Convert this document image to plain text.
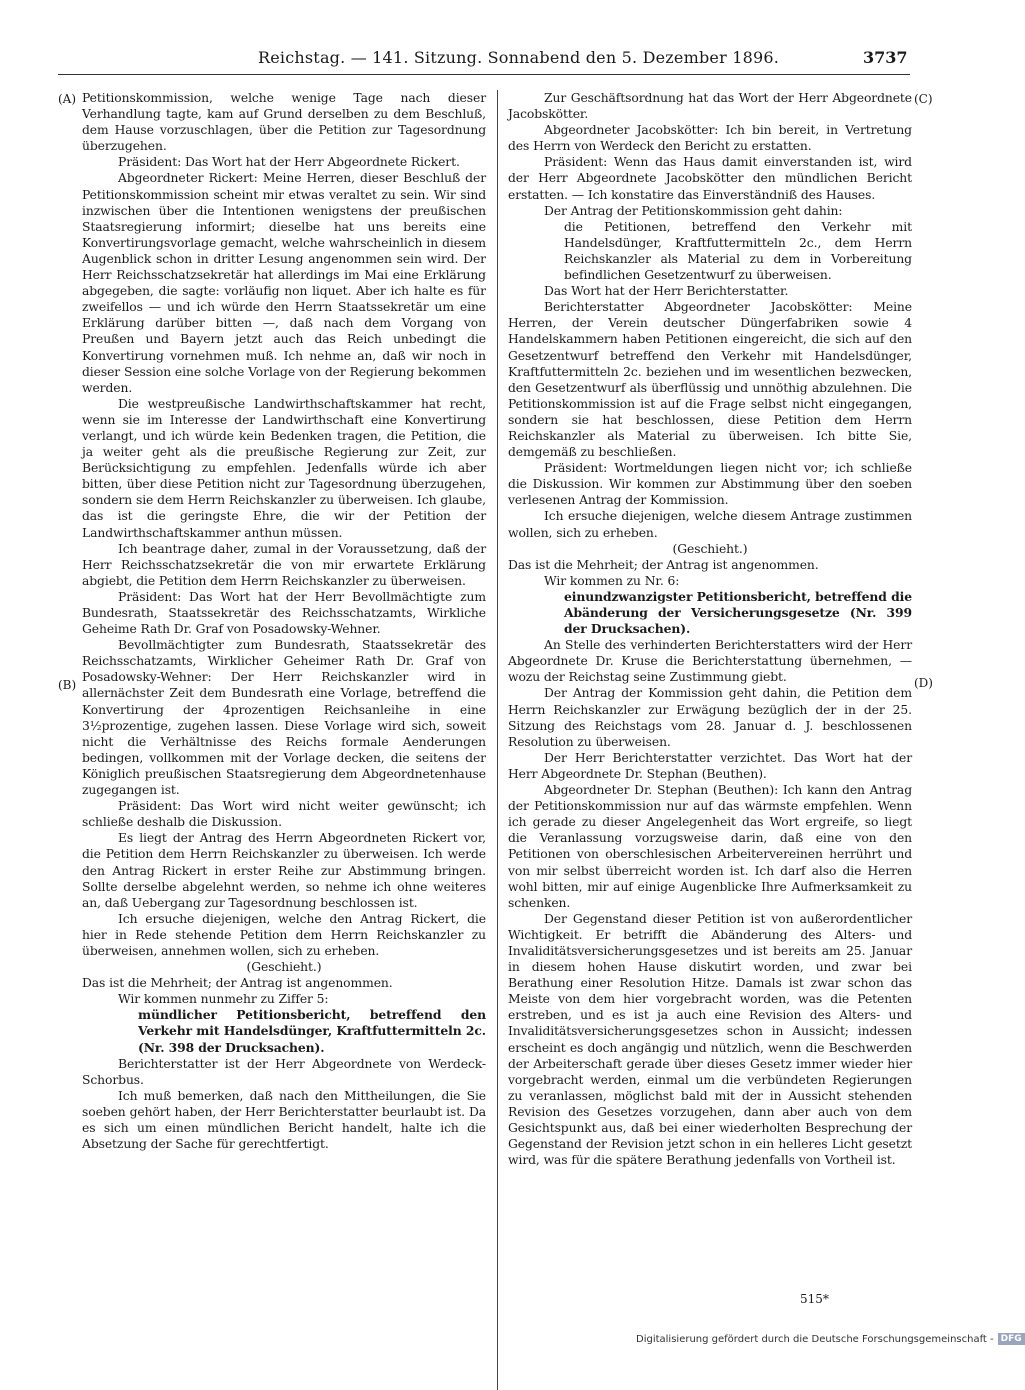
Reichstag. — 141. Sitzung. Sonnabend den 5. Dezember 1896.	3737
(A)
(B)
(C)
(D)

Petitionskommission, welche wenige Tage nach dieser Verhandlung tagte, kam auf Grund derselben zu dem Beschluß, dem Hause vorzuschlagen, über die Petition zur Tagesordnung überzugehen.

Präsident: Das Wort hat der Herr Abgeordnete Rickert.

Abgeordneter Rickert: Meine Herren, dieser Beschluß der Petitionskommission scheint mir etwas veraltet zu sein. Wir sind inzwischen über die Intentionen wenigstens der preußischen Staatsregierung informirt; dieselbe hat uns bereits eine Konvertirungsvorlage gemacht, welche wahrscheinlich in diesem Augenblick schon in dritter Lesung angenommen sein wird. Der Herr Reichsschatzsekretär hat allerdings im Mai eine Erklärung abgegeben, die sagte: vorläufig non liquet. Aber ich halte es für zweifellos — und ich würde den Herrn Staatssekretär um eine Erklärung darüber bitten —, daß nach dem Vorgang von Preußen und Bayern jetzt auch das Reich unbedingt die Konvertirung vornehmen muß. Ich nehme an, daß wir noch in dieser Session eine solche Vorlage von der Regierung bekommen werden.

Die westpreußische Landwirthschaftskammer hat recht, wenn sie im Interesse der Landwirthschaft eine Konvertirung verlangt, und ich würde kein Bedenken tragen, die Petition, die ja weiter geht als die preußische Regierung zur Zeit, zur Berücksichtigung zu empfehlen. Jedenfalls würde ich aber bitten, über diese Petition nicht zur Tagesordnung überzugehen, sondern sie dem Herrn Reichskanzler zu überweisen. Ich glaube, das ist die geringste Ehre, die wir der Petition der Landwirthschaftskammer anthun müssen.

Ich beantrage daher, zumal in der Voraussetzung, daß der Herr Reichsschatzsekretär die von mir erwartete Erklärung abgiebt, die Petition dem Herrn Reichskanzler zu überweisen.

Präsident: Das Wort hat der Herr Bevollmächtigte zum Bundesrath, Staatssekretär des Reichsschatzamts, Wirkliche Geheime Rath Dr. Graf von Posadowsky-Wehner.

Bevollmächtigter zum Bundesrath, Staatssekretär des Reichsschatzamts, Wirklicher Geheimer Rath Dr. Graf von Posadowsky-Wehner: Der Herr Reichskanzler wird in allernächster Zeit dem Bundesrath eine Vorlage, betreffend die Konvertirung der 4prozentigen Reichsanleihe in eine 3½prozentige, zugehen lassen. Diese Vorlage wird sich, soweit nicht die Verhältnisse des Reichs formale Aenderungen bedingen, vollkommen mit der Vorlage decken, die seitens der Königlich preußischen Staatsregierung dem Abgeordnetenhause zugegangen ist.

Präsident: Das Wort wird nicht weiter gewünscht; ich schließe deshalb die Diskussion.

Es liegt der Antrag des Herrn Abgeordneten Rickert vor, die Petition dem Herrn Reichskanzler zu überweisen. Ich werde den Antrag Rickert in erster Reihe zur Abstimmung bringen. Sollte derselbe abgelehnt werden, so nehme ich ohne weiteres an, daß Uebergang zur Tagesordnung beschlossen ist.

Ich ersuche diejenigen, welche den Antrag Rickert, die hier in Rede stehende Petition dem Herrn Reichskanzler zu überweisen, annehmen wollen, sich zu erheben.

(Geschieht.)

Das ist die Mehrheit; der Antrag ist angenommen.

Wir kommen nunmehr zu Ziffer 5:

mündlicher Petitionsbericht, betreffend den Verkehr mit Handelsdünger, Kraftfuttermitteln 2c. (Nr. 398 der Drucksachen).

Berichterstatter ist der Herr Abgeordnete von Werdeck-Schorbus.

Ich muß bemerken, daß nach den Mittheilungen, die Sie soeben gehört haben, der Herr Berichterstatter beurlaubt ist. Da es sich um einen mündlichen Bericht handelt, halte ich die Absetzung der Sache für gerechtfertigt.

Zur Geschäftsordnung hat das Wort der Herr Abgeordnete Jacobskötter.

Abgeordneter Jacobskötter: Ich bin bereit, in Vertretung des Herrn von Werdeck den Bericht zu erstatten.

Präsident: Wenn das Haus damit einverstanden ist, wird der Herr Abgeordnete Jacobskötter den mündlichen Bericht erstatten. — Ich konstatire das Einverständniß des Hauses.

Der Antrag der Petitionskommission geht dahin:

die Petitionen, betreffend den Verkehr mit Handelsdünger, Kraftfuttermitteln 2c., dem Herrn Reichskanzler als Material zu dem in Vorbereitung befindlichen Gesetzentwurf zu überweisen.

Das Wort hat der Herr Berichterstatter.

Berichterstatter Abgeordneter Jacobskötter: Meine Herren, der Verein deutscher Düngerfabriken sowie 4 Handelskammern haben Petitionen eingereicht, die sich auf den Gesetzentwurf betreffend den Verkehr mit Handelsdünger, Kraftfuttermitteln 2c. beziehen und im wesentlichen bezwecken, den Gesetzentwurf als überflüssig und unnöthig abzulehnen. Die Petitionskommission ist auf die Frage selbst nicht eingegangen, sondern sie hat beschlossen, diese Petition dem Herrn Reichskanzler als Material zu überweisen. Ich bitte Sie, demgemäß zu beschließen.

Präsident: Wortmeldungen liegen nicht vor; ich schließe die Diskussion. Wir kommen zur Abstimmung über den soeben verlesenen Antrag der Kommission.

Ich ersuche diejenigen, welche diesem Antrage zustimmen wollen, sich zu erheben.

(Geschieht.)

Das ist die Mehrheit; der Antrag ist angenommen.

Wir kommen zu Nr. 6:

einundzwanzigster Petitionsbericht, betreffend die Abänderung der Versicherungsgesetze (Nr. 399 der Drucksachen).

An Stelle des verhinderten Berichterstatters wird der Herr Abgeordnete Dr. Kruse die Berichterstattung übernehmen, — wozu der Reichstag seine Zustimmung giebt.

Der Antrag der Kommission geht dahin, die Petition dem Herrn Reichskanzler zur Erwägung bezüglich der in der 25. Sitzung des Reichstags vom 28. Januar d. J. beschlossenen Resolution zu überweisen.

Der Herr Berichterstatter verzichtet. Das Wort hat der Herr Abgeordnete Dr. Stephan (Beuthen).

Abgeordneter Dr. Stephan (Beuthen): Ich kann den Antrag der Petitionskommission nur auf das wärmste empfehlen. Wenn ich gerade zu dieser Angelegenheit das Wort ergreife, so liegt die Veranlassung vorzugsweise darin, daß eine von den Petitionen von oberschlesischen Arbeitervereinen herrührt und von mir selbst überreicht worden ist. Ich darf also die Herren wohl bitten, mir auf einige Augenblicke Ihre Aufmerksamkeit zu schenken.

Der Gegenstand dieser Petition ist von außerordentlicher Wichtigkeit. Er betrifft die Abänderung des Alters- und Invaliditätsversicherungsgesetzes und ist bereits am 25. Januar in diesem hohen Hause diskutirt worden, und zwar bei Berathung einer Resolution Hitze. Damals ist zwar schon das Meiste von dem hier vorgebracht worden, was die Petenten erstreben, und es ist ja auch eine Revision des Alters- und Invaliditätsversicherungsgesetzes schon in Aussicht; indessen erscheint es doch angängig und nützlich, wenn die Beschwerden der Arbeiterschaft gerade über dieses Gesetz immer wieder hier vorgebracht werden, einmal um die verbündeten Regierungen zu veranlassen, möglichst bald mit der in Aussicht stehenden Revision des Gesetzes vorzugehen, dann aber auch von dem Gesichtspunkt aus, daß bei einer wiederholten Besprechung der Gegenstand der Revision jetzt schon in ein helleres Licht gesetzt wird, was für die spätere Berathung jedenfalls von Vortheil ist.

515*
Digitalisierung gefördert durch die Deutsche Forschungsgemeinschaft - DFG
